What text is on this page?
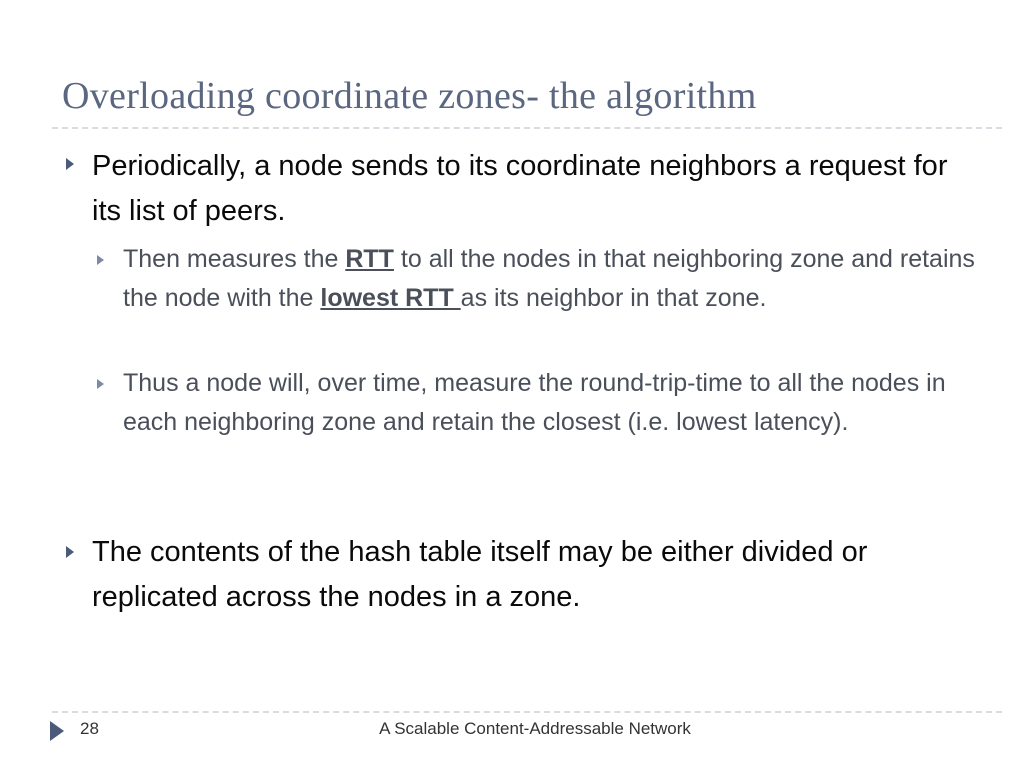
Overloading coordinate zones- the algorithm
Periodically, a node sends to its coordinate neighbors a request for its list of peers.
Then measures the RTT to all the nodes in that neighboring zone and retains the node with the lowest RTT as its neighbor in that zone.
Thus a node will, over time, measure the round-trip-time to all the nodes in each neighboring zone and retain the closest (i.e. lowest latency).
The contents of the hash table itself may be either divided or replicated across the nodes in a zone.
28	A Scalable Content-Addressable Network
